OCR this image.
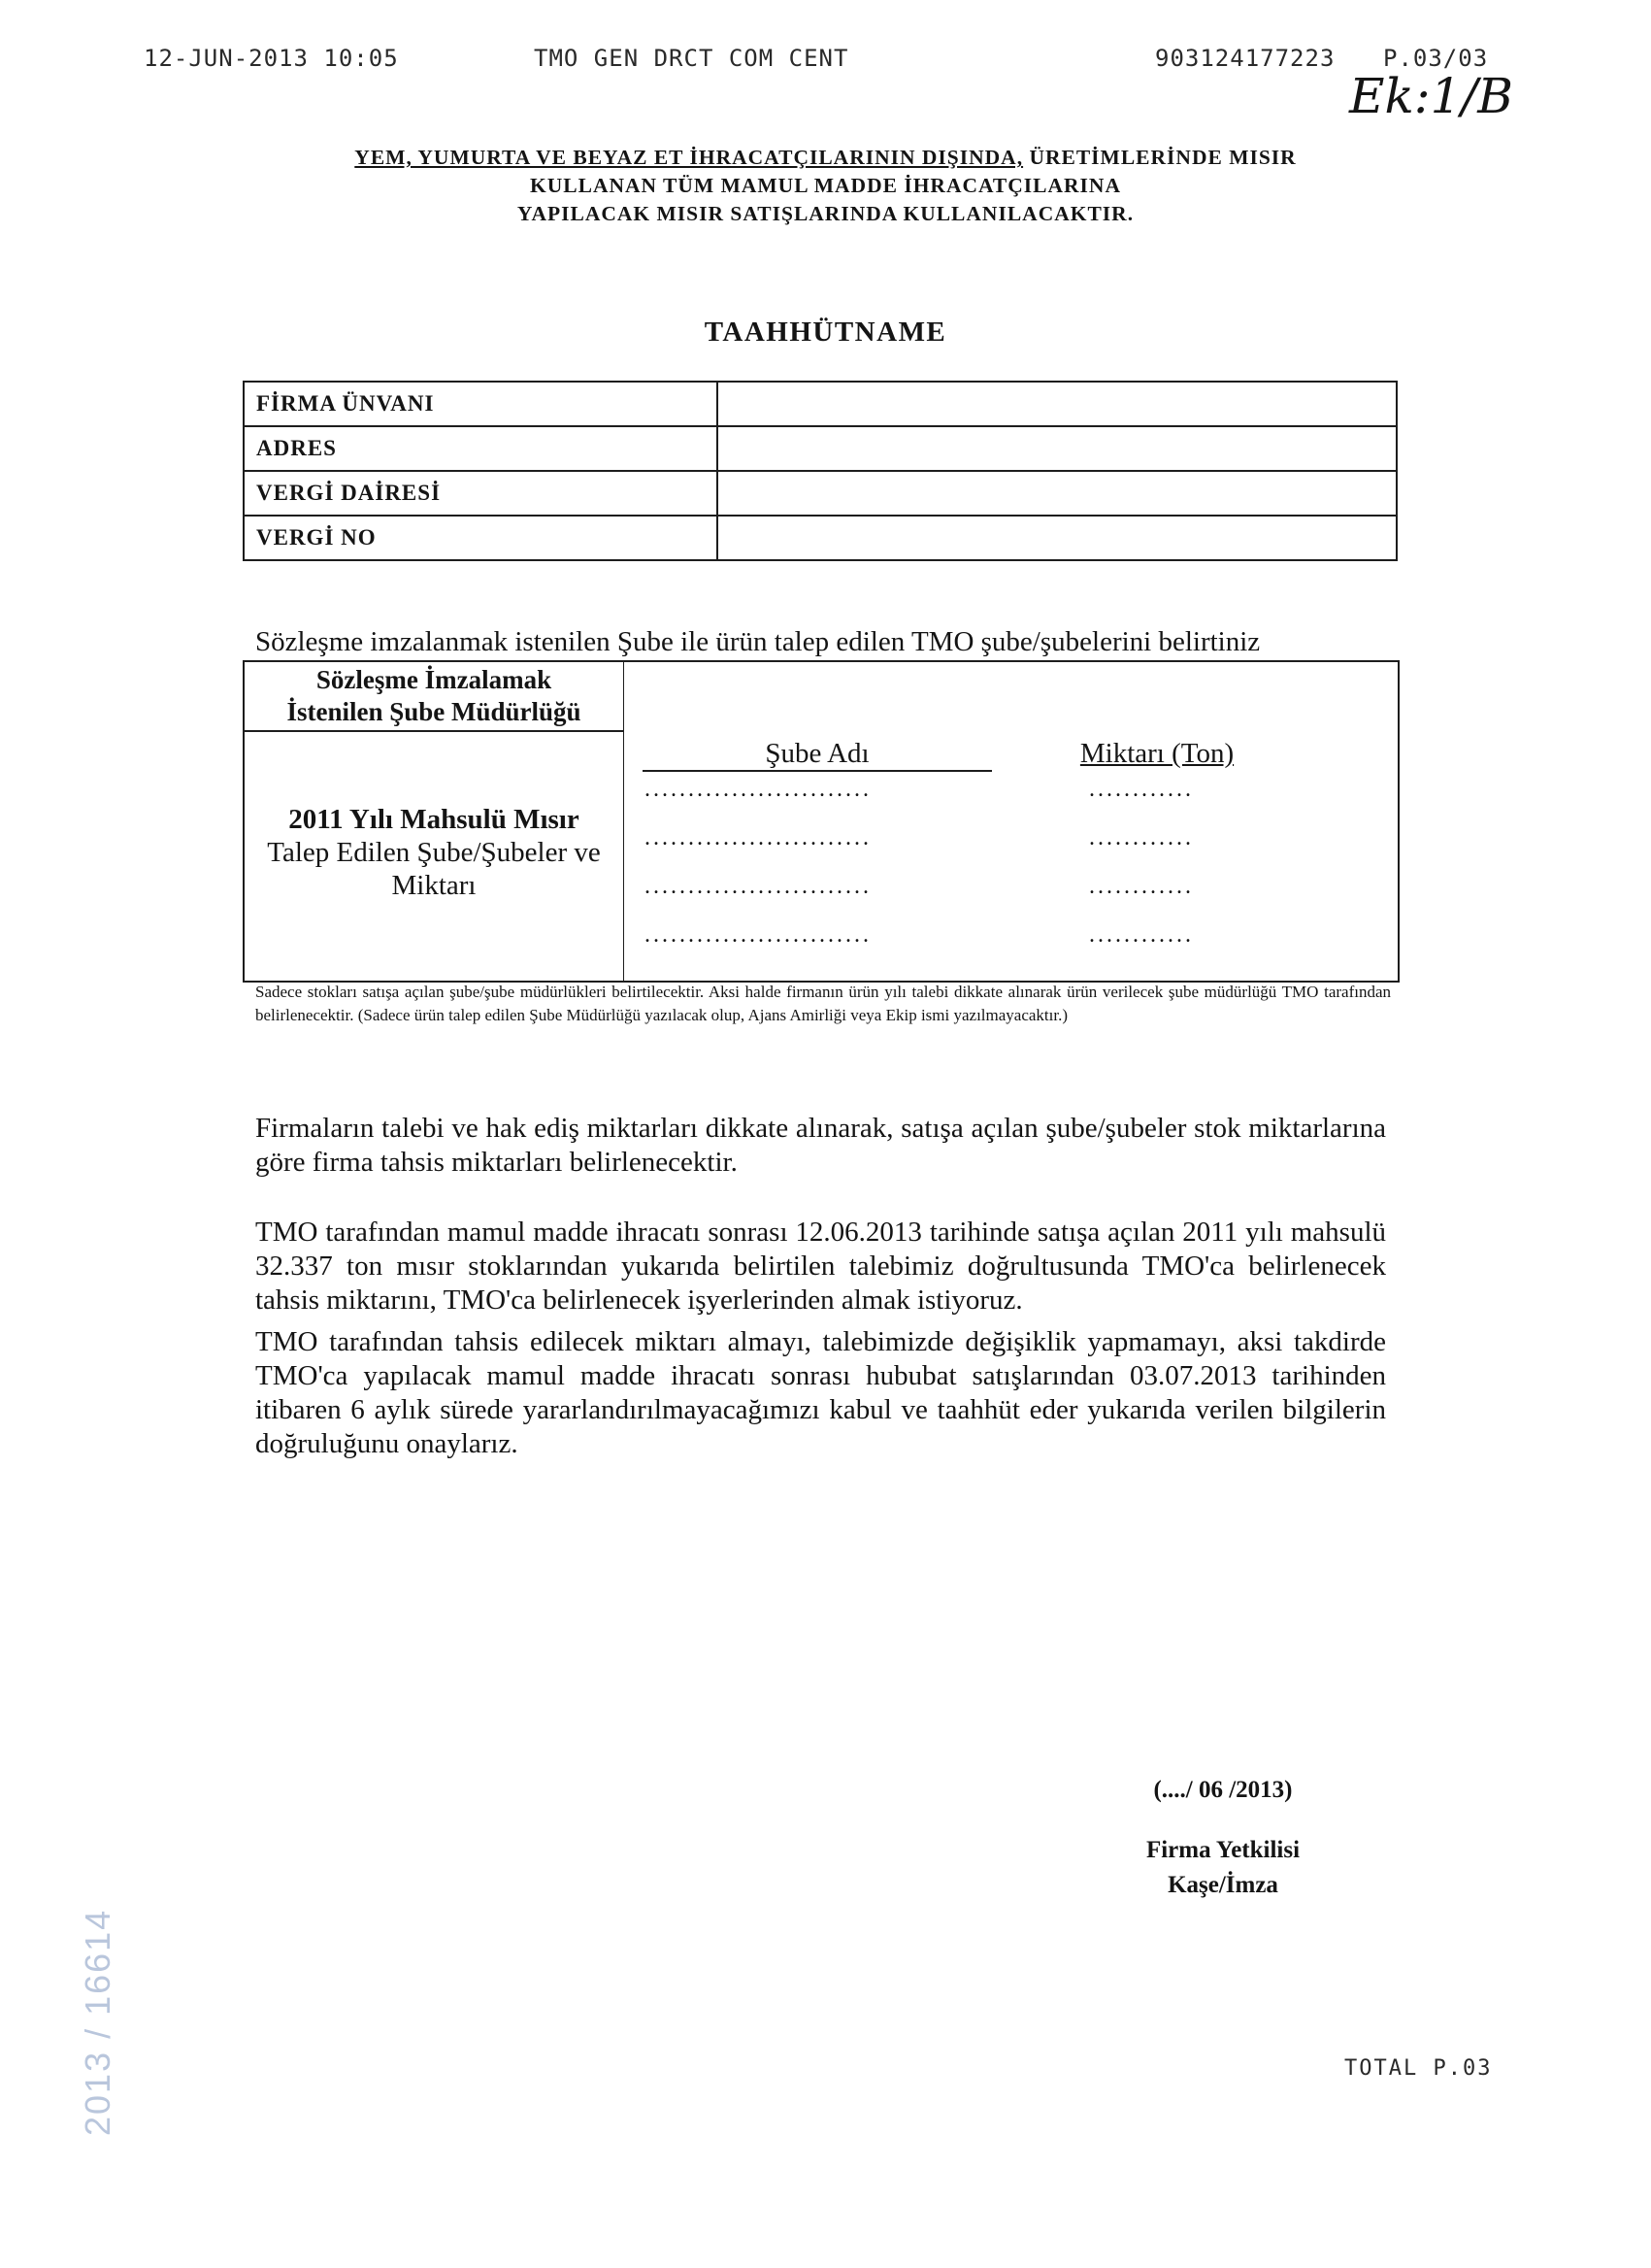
12-JUN-2013 10:05	TMO GEN DRCT COM CENT	903124177223 P.03/03
Ek:1/B
YEM, YUMURTA VE BEYAZ ET İHRACATÇILARININ DIŞINDA, ÜRETİMLERİNDE MISIR
KULLANAN TÜM MAMUL MADDE İHRACATÇILARINA
YAPILACAK MISIR SATIŞLARINDA KULLANILACAKTIR.
TAAHHÜTNAME
FİRMA ÜNVANI	
ADRES	
VERGİ DAİRESİ	
VERGİ NO	
Sözleşme imzalanmak istenilen Şube ile ürün talep edilen TMO şube/şubelerini belirtiniz
Sözleşme İmzalamak
İstenilen Şube Müdürlüğü
2011 Yılı Mahsulü Mısır
Talep Edilen Şube/Şubeler ve
Miktarı
Şube Adı	Miktarı (Ton)
..........................	............
..........................	............
..........................	............
..........................	............
Sadece stokları satışa açılan şube/şube müdürlükleri belirtilecektir. Aksi halde firmanın ürün yılı talebi dikkate alınarak ürün verilecek şube müdürlüğü TMO tarafından belirlenecektir. (Sadece ürün talep edilen Şube Müdürlüğü yazılacak olup, Ajans Amirliği veya Ekip ismi yazılmayacaktır.)
Firmaların talebi ve hak ediş miktarları dikkate alınarak, satışa açılan şube/şubeler stok miktarlarına göre firma tahsis miktarları belirlenecektir.
TMO tarafından mamul madde ihracatı sonrası 12.06.2013 tarihinde satışa açılan 2011 yılı mahsulü 32.337 ton mısır stoklarından yukarıda belirtilen talebimiz doğrultusunda TMO'ca belirlenecek tahsis miktarını, TMO'ca belirlenecek işyerlerinden almak istiyoruz.
TMO tarafından tahsis edilecek miktarı almayı, talebimizde değişiklik yapmamayı, aksi takdirde TMO'ca yapılacak mamul madde ihracatı sonrası hububat satışlarından 03.07.2013 tarihinden itibaren 6 aylık sürede yararlandırılmayacağımızı kabul ve taahhüt eder yukarıda verilen bilgilerin doğruluğunu onaylarız.
(..../ 06 /2013)
Firma Yetkilisi
Kaşe/İmza
TOTAL P.03
2013 / 16614
